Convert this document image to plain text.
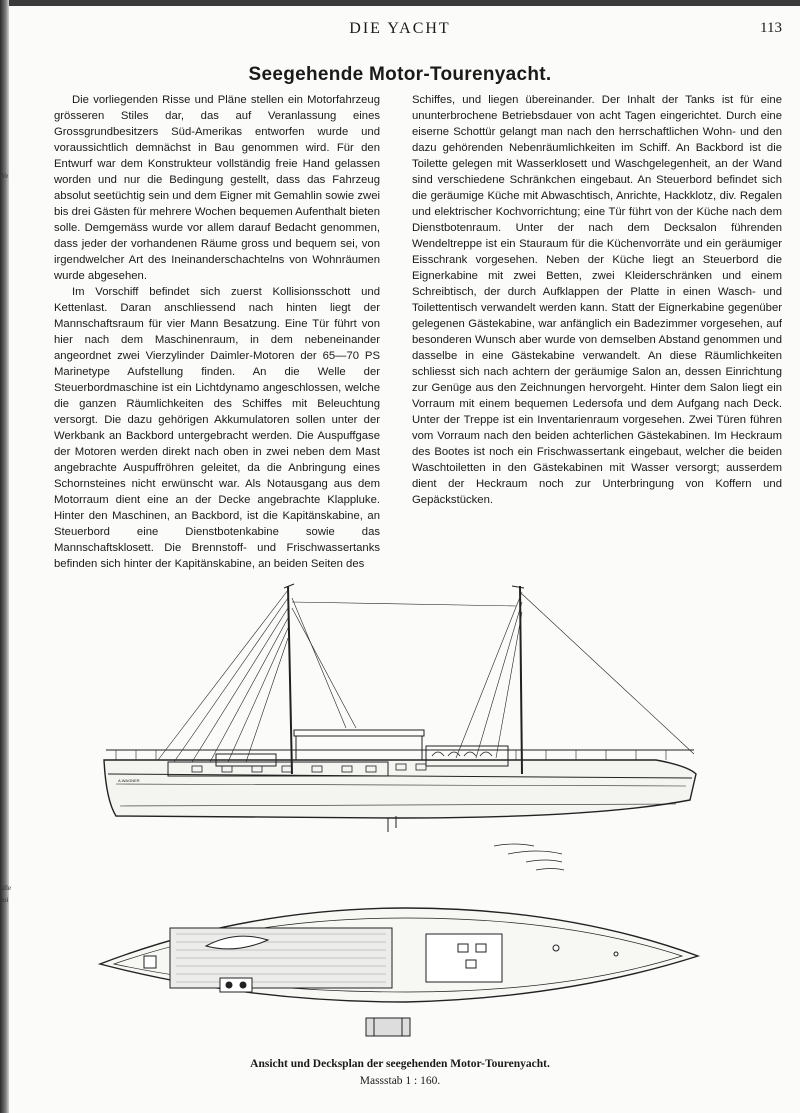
Ve
alle
loi
DIE YACHT	113
Seegehende Motor-Tourenyacht.

Die vorliegenden Risse und Pläne stellen ein Motorfahrzeug grösseren Stiles dar, das auf Veranlassung eines Grossgrundbesitzers Süd-Amerikas entworfen wurde und voraussichtlich demnächst in Bau genommen wird. Für den Entwurf war dem Konstrukteur vollständig freie Hand gelassen worden und nur die Bedingung gestellt, dass das Fahrzeug absolut seetüchtig sein und dem Eigner mit Gemahlin sowie zwei bis drei Gästen für mehrere Wochen bequemen Aufenthalt bieten solle. Demgemäss wurde vor allem darauf Bedacht genommen, dass jeder der vorhandenen Räume gross und bequem sei, von irgendwelcher Art des Ineinanderschachtelns von Wohnräumen wurde abgesehen.

Im Vorschiff befindet sich zuerst Kollisionsschott und Kettenlast. Daran anschliessend nach hinten liegt der Mannschaftsraum für vier Mann Besatzung. Eine Tür führt von hier nach dem Maschinenraum, in dem nebeneinander angeordnet zwei Vierzylinder Daimler-Motoren der 65—70 PS Marinetype Aufstellung finden. An die Welle der Steuerbordmaschine ist ein Lichtdynamo angeschlossen, welche die ganzen Räumlichkeiten des Schiffes mit Beleuchtung versorgt. Die dazu gehörigen Akkumulatoren sollen unter der Werkbank an Backbord untergebracht werden. Die Auspuffgase der Motoren werden direkt nach oben in zwei neben dem Mast angebrachte Auspuffröhren geleitet, da die Anbringung eines Schornsteines nicht erwünscht war. Als Notausgang aus dem Motorraum dient eine an der Decke angebrachte Klappluke. Hinter den Maschinen, an Backbord, ist die Kapitänskabine, an Steuerbord eine Dienstbotenkabine sowie das Mannschaftsklosett. Die Brennstoff- und Frischwassertanks befinden sich hinter der Kapitänskabine, an beiden Seiten des

Schiffes, und liegen übereinander. Der Inhalt der Tanks ist für eine ununterbrochene Betriebsdauer von acht Tagen eingerichtet. Durch eine eiserne Schottür gelangt man nach den herrschaftlichen Wohn- und den dazu gehörenden Nebenräumlichkeiten im Schiff. An Backbord ist die Toilette gelegen mit Wasserklosett und Waschgelegenheit, an der Wand sind verschiedene Schränkchen eingebaut. An Steuerbord befindet sich die geräumige Küche mit Abwaschtisch, Anrichte, Hackklotz, div. Regalen und elektrischer Kochvorrichtung; eine Tür führt von der Küche nach dem Dienstbotenraum. Unter der nach dem Decksalon führenden Wendeltreppe ist ein Stauraum für die Küchenvorräte und ein geräumiger Eisschrank vorgesehen. Neben der Küche liegt an Steuerbord die Eignerkabine mit zwei Betten, zwei Kleiderschränken und einem Schreibtisch, der durch Aufklappen der Platte in einen Wasch- und Toilettentisch verwandelt werden kann. Statt der Eignerkabine gegenüber gelegenen Gästekabine, war anfänglich ein Badezimmer vorgesehen, auf besonderen Wunsch aber wurde von demselben Abstand genommen und dasselbe in eine Gästekabine verwandelt. An diese Räumlichkeiten schliesst sich nach achtern der geräumige Salon an, dessen Einrichtung zur Genüge aus den Zeichnungen hervorgeht. Hinter dem Salon liegt ein Vorraum mit einem bequemen Ledersofa und dem Aufgang nach Deck. Unter der Treppe ist ein Inventarienraum vorgesehen. Zwei Türen führen vom Vorraum nach den beiden achterlichen Gästekabinen. Im Heckraum des Bootes ist noch ein Frischwassertank eingebaut, welcher die beiden Waschtoiletten in den Gästekabinen mit Wasser versorgt; ausserdem dient der Heckraum noch zur Unterbringung von Koffern und Gepäckstücken.

A.WAGNER
Ansicht und Decksplan der seegehenden Motor-Tourenyacht.
Massstab 1 : 160.
